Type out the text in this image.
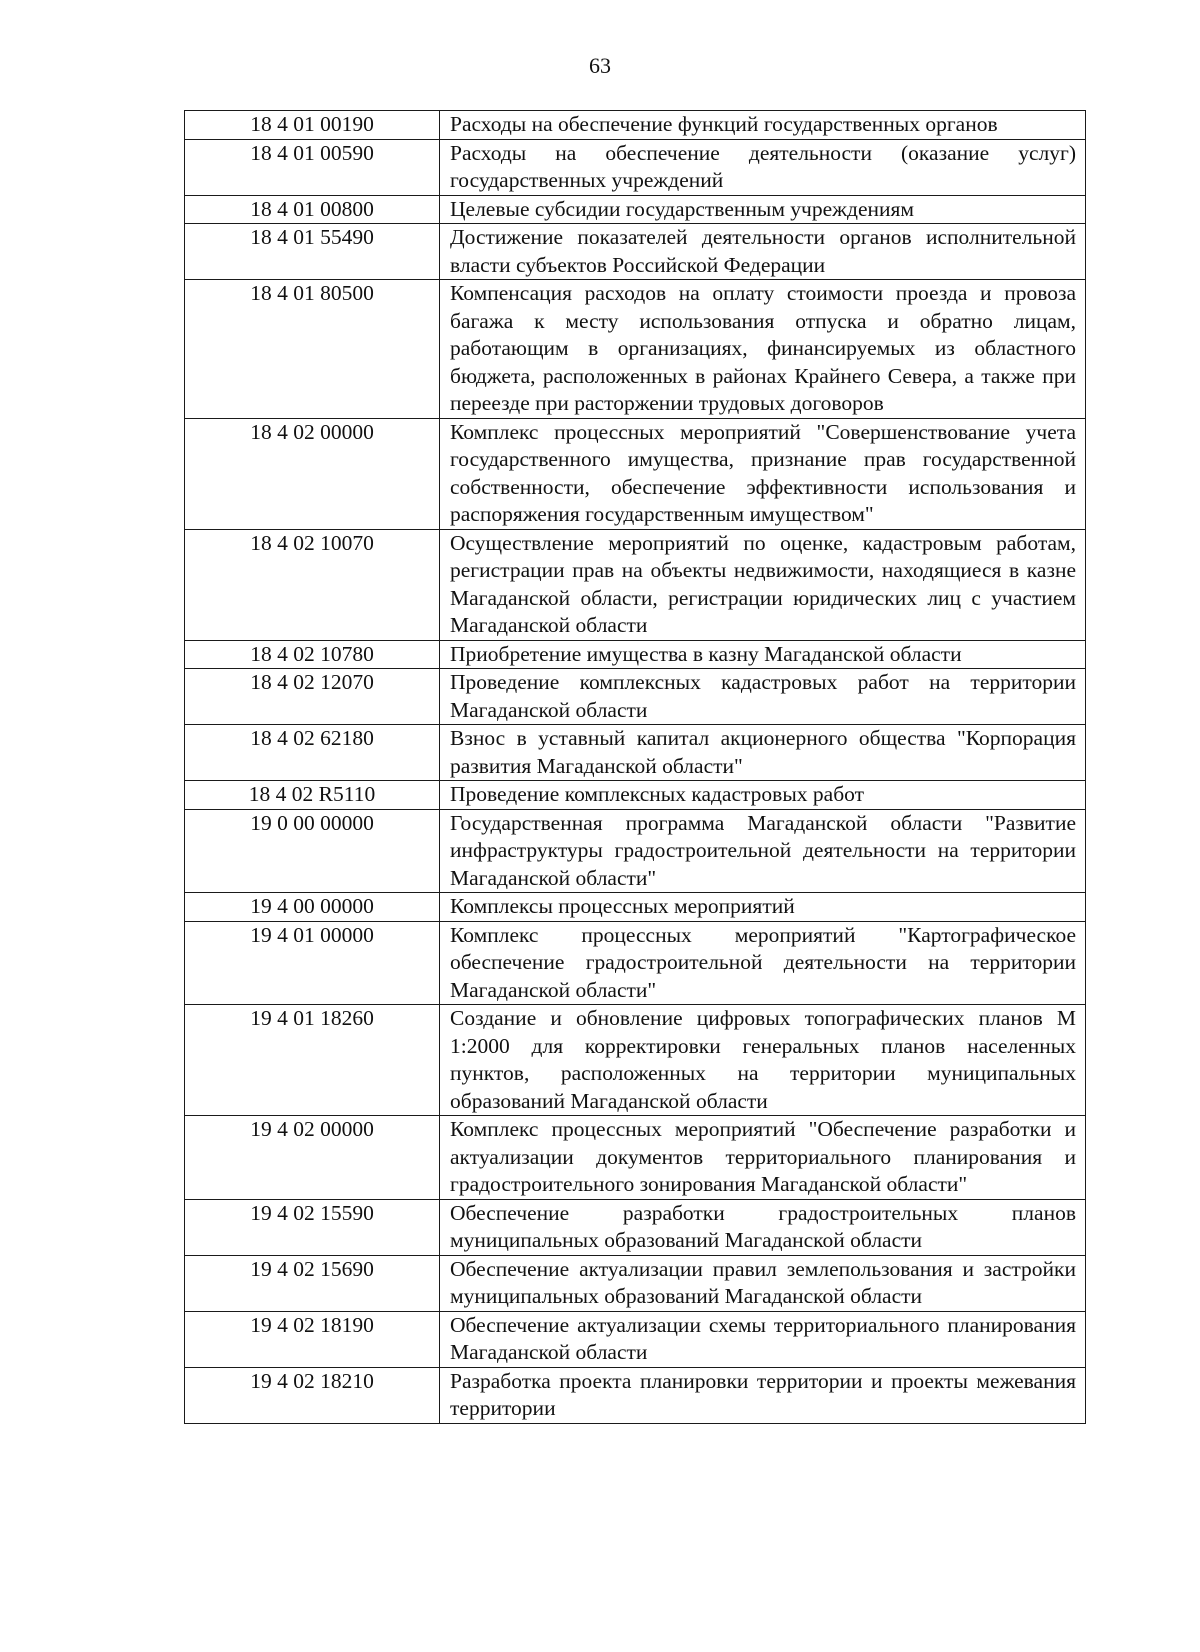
63
18 4 01 00190	Расходы на обеспечение функций государственных органов
18 4 01 00590	Расходы на обеспечение деятельности (оказание услуг) государственных учреждений
18 4 01 00800	Целевые субсидии государственным учреждениям
18 4 01 55490	Достижение показателей деятельности органов исполнительной власти субъектов Российской Федерации
18 4 01 80500	Компенсация расходов на оплату стоимости проезда и провоза багажа к месту использования отпуска и обратно лицам, работающим в организациях, финансируемых из областного бюджета, расположенных в районах Крайнего Севера, а также при переезде при расторжении трудовых договоров
18 4 02 00000	Комплекс процессных мероприятий "Совершенствование учета государственного имущества, признание прав государственной собственности, обеспечение эффективности использования и распоряжения государственным имуществом"
18 4 02 10070	Осуществление мероприятий по оценке, кадастровым работам, регистрации прав на объекты недвижимости, находящиеся в казне Магаданской области, регистрации юридических лиц с участием Магаданской области
18 4 02 10780	Приобретение имущества в казну Магаданской области
18 4 02 12070	Проведение комплексных кадастровых работ на территории Магаданской области
18 4 02 62180	Взнос в уставный капитал акционерного общества "Корпорация развития Магаданской области"
18 4 02 R5110	Проведение комплексных кадастровых работ
19 0 00 00000	Государственная программа Магаданской области "Развитие инфраструктуры градостроительной деятельности на территории Магаданской области"
19 4 00 00000	Комплексы процессных мероприятий
19 4 01 00000	Комплекс процессных мероприятий "Картографическое обеспечение градостроительной деятельности на территории Магаданской области"
19 4 01 18260	Создание и обновление цифровых топографических планов М 1:2000 для корректировки генеральных планов населенных пунктов, расположенных на территории муниципальных образований Магаданской области
19 4 02 00000	Комплекс процессных мероприятий "Обеспечение разработки и актуализации документов территориального планирования и градостроительного зонирования Магаданской области"
19 4 02 15590	Обеспечение разработки градостроительных планов муниципальных образований Магаданской области
19 4 02 15690	Обеспечение актуализации правил землепользования и застройки муниципальных образований Магаданской области
19 4 02 18190	Обеспечение актуализации схемы территориального планирования Магаданской области
19 4 02 18210	Разработка проекта планировки территории и проекты межевания территории
